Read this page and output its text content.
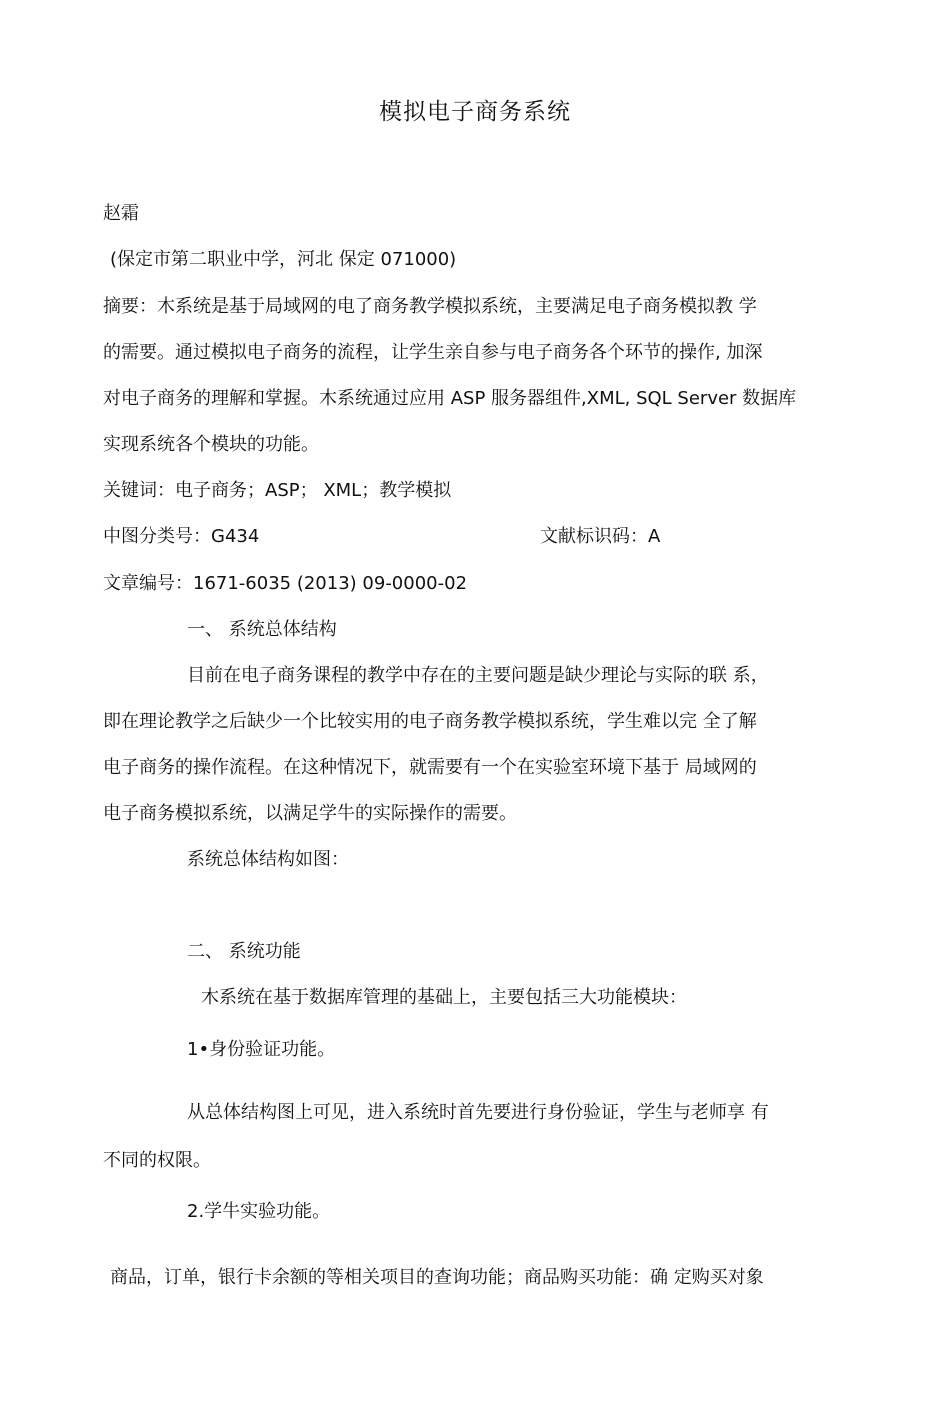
模拟电子商务系统
赵霜
(保定市第二职业中学，河北 保定 071000)
摘要：木系统是基于局域网的电了商务教学模拟系统，主要满足电子商务模拟教 学
的需要。通过模拟电子商务的流程，让学生亲自参与电子商务各个环节的操作, 加深
对电子商务的理解和掌握。木系统通过应用 ASP 服务器组件,XML, SQL Server 数据库
实现系统各个模块的功能。
关键词：电子商务；ASP； XML；教学模拟
中图分类号：G434	文献标识码：A
文章编号：1671-6035 (2013) 09-0000-02
一、 系统总体结构
目前在电子商务课程的教学中存在的主要问题是缺少理论与实际的联 系，
即在理论教学之后缺少一个比较实用的电子商务教学模拟系统，学生难以完 全了解
电子商务的操作流程。在这种情况下，就需要有一个在实验室环境下基于 局域网的
电子商务模拟系统，以满足学牛的实际操作的需要。
系统总体结构如图：
二、 系统功能
木系统在基于数据库管理的基础上，主要包括三大功能模块：
1•身份验证功能。
从总体结构图上可见，进入系统时首先要进行身份验证，学生与老师享 有
不同的权限。
2.学牛实验功能。
商品，订单，银行卡余额的等相关项目的查询功能；商品购买功能：确 定购买对象
